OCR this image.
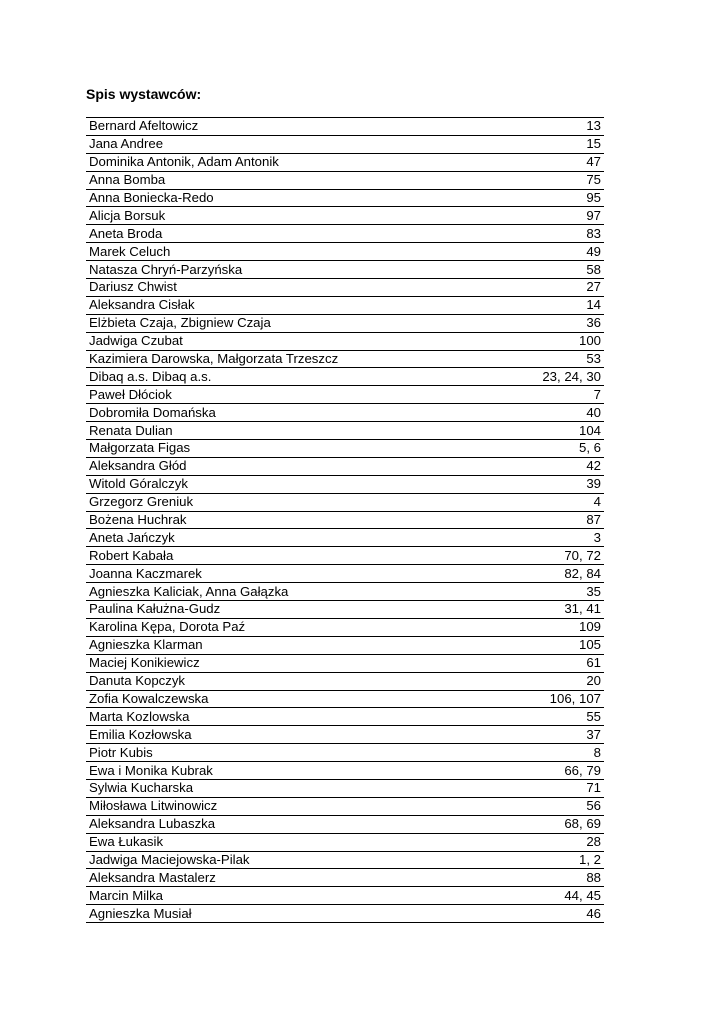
Spis wystawców:
Bernard Afeltowicz	13
Jana Andree	15
Dominika Antonik, Adam Antonik	47
Anna Bomba	75
Anna Boniecka-Redo	95
Alicja Borsuk	97
Aneta Broda	83
Marek Celuch	49
Natasza Chryń-Parzyńska	58
Dariusz Chwist	27
Aleksandra Cisłak	14
Elżbieta Czaja, Zbigniew Czaja	36
Jadwiga Czubat	100
Kazimiera Darowska, Małgorzata Trzeszcz	53
Dibaq a.s. Dibaq a.s.	23, 24, 30
Paweł Dłóciok	7
Dobromiła Domańska	40
Renata Dulian	104
Małgorzata Figas	5, 6
Aleksandra Głód	42
Witold Góralczyk	39
Grzegorz Greniuk	4
Bożena Huchrak	87
Aneta Jańczyk	3
Robert Kabała	70, 72
Joanna Kaczmarek	82, 84
Agnieszka Kaliciak, Anna Gałązka	35
Paulina Kałużna-Gudz	31, 41
Karolina Kępa, Dorota Paź	109
Agnieszka Klarman	105
Maciej Konikiewicz	61
Danuta Kopczyk	20
Zofia Kowalczewska	106, 107
Marta Kozlowska	55
Emilia Kozłowska	37
Piotr Kubis	8
Ewa i Monika Kubrak	66, 79
Sylwia Kucharska	71
Miłosława Litwinowicz	56
Aleksandra Lubaszka	68, 69
Ewa Łukasik	28
Jadwiga Maciejowska-Pilak	1, 2
Aleksandra Mastalerz	88
Marcin Milka	44, 45
Agnieszka Musiał	46
